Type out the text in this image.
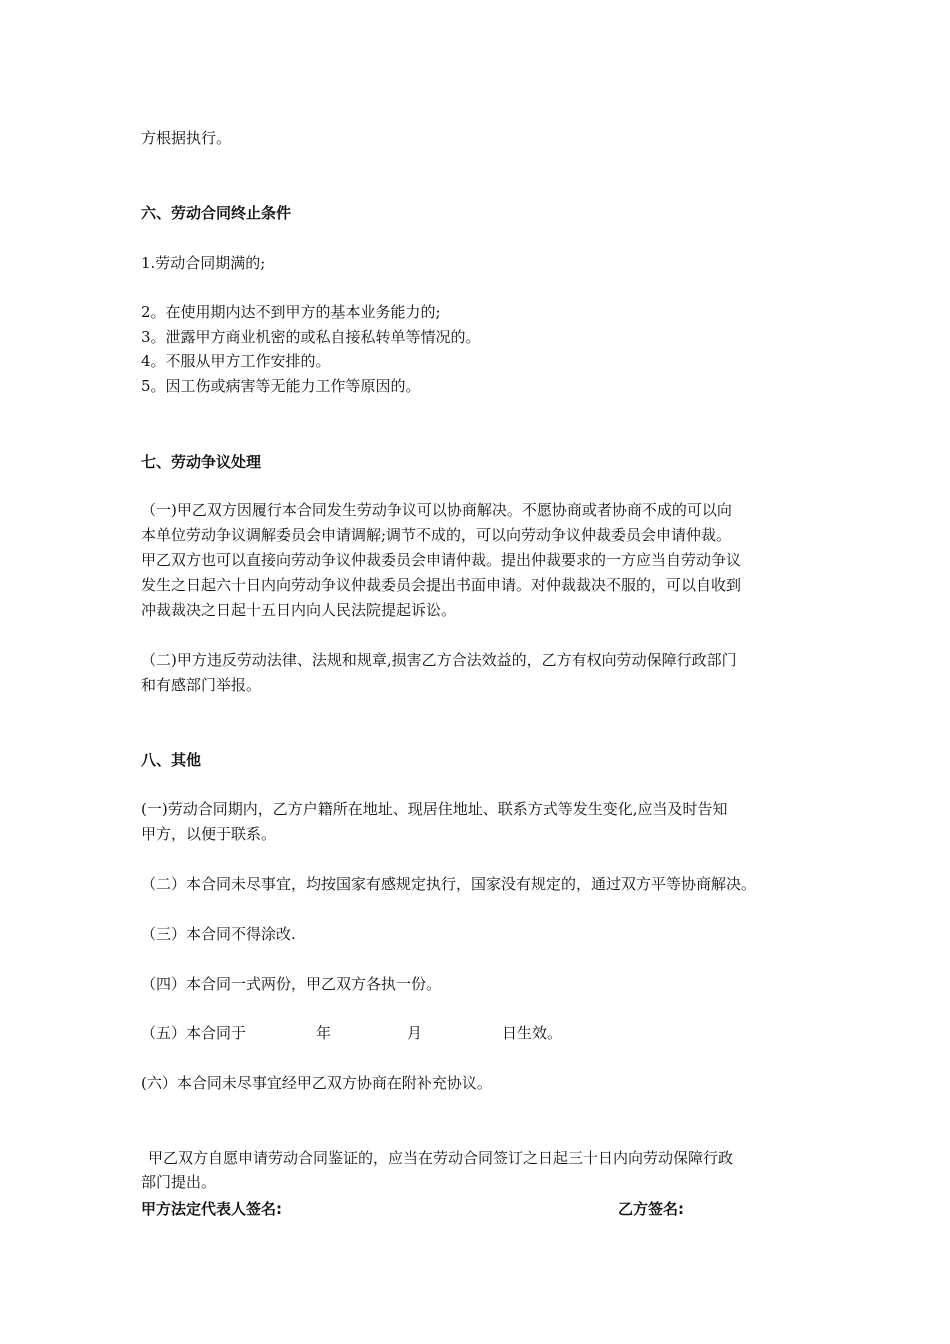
方根据执行。
六、劳动合同终止条件
1.劳动合同期满的;
2。在使用期内达不到甲方的基本业务能力的;
3。泄露甲方商业机密的或私自接私转单等情况的。
4。不服从甲方工作安排的。
5。因工伤或病害等无能力工作等原因的。
七、劳动争议处理
（一)甲乙双方因履行本合同发生劳动争议可以协商解决。不愿协商或者协商不成的可以向
本单位劳动争议调解委员会申请调解;调节不成的，可以向劳动争议仲裁委员会申请仲裁。
甲乙双方也可以直接向劳动争议仲裁委员会申请仲裁。提出仲裁要求的一方应当自劳动争议
发生之日起六十日内向劳动争议仲裁委员会提出书面申请。对仲裁裁决不服的，可以自收到
冲裁裁决之日起十五日内向人民法院提起诉讼。
（二)甲方违反劳动法律、法规和规章,损害乙方合法效益的，乙方有权向劳动保障行政部门
和有感部门举报。
八、其他
(一)劳动合同期内，乙方户籍所在地址、现居住地址、联系方式等发生变化,应当及时告知
甲方，以便于联系。
（二）本合同未尽事宜，均按国家有感规定执行，国家没有规定的，通过双方平等协商解决。
（三）本合同不得涂改.
（四）本合同一式两份，甲乙双方各执一份。
（五）本合同于	年	月	日生效。
(六）本合同未尽事宜经甲乙双方协商在附补充协议。
甲乙双方自愿申请劳动合同鉴证的，应当在劳动合同签订之日起三十日内向劳动保障行政
部门提出。
甲方法定代表人签名:	乙方签名:
